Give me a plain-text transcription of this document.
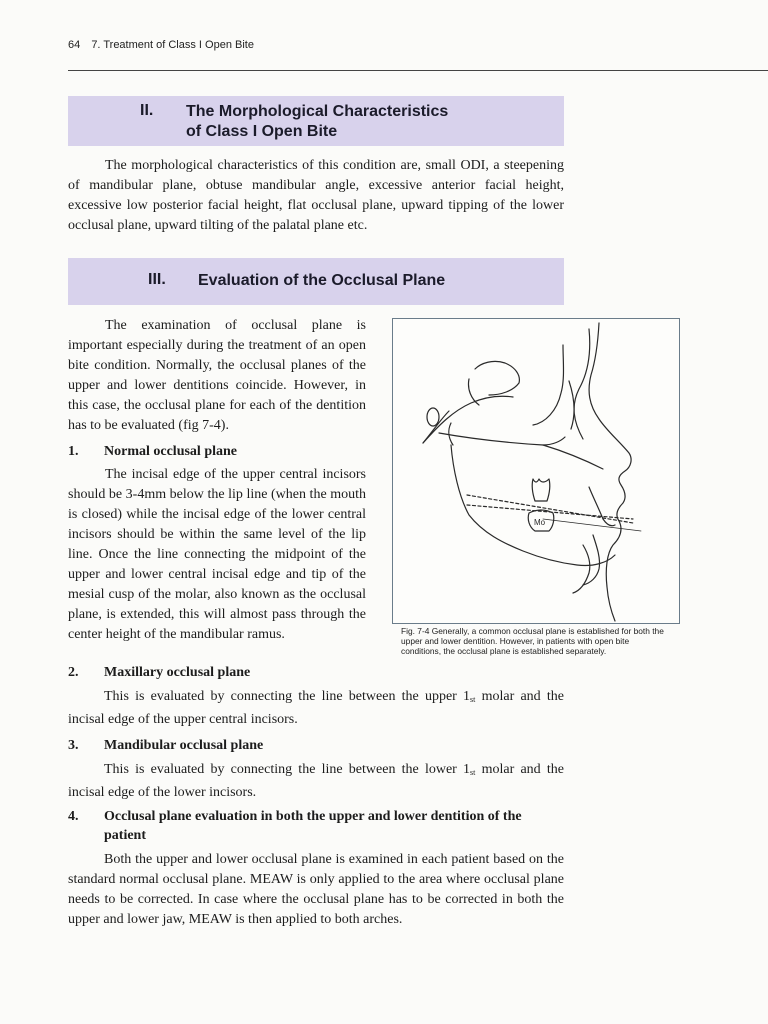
64 7. Treatment of Class I Open Bite
II. The Morphological Characteristics
of Class I Open Bite

The morphological characteristics of this condition are, small ODI, a steepening of mandibular plane, obtuse mandibular angle, excessive anterior facial height, excessive low posterior facial height, flat occlusal plane, upward tipping of the lower occlusal plane, upward tilting of the palatal plane etc.

III. Evaluation of the Occlusal Plane

The examination of occlusal plane is important especially during the treatment of an open bite condition. Normally, the occlusal planes of the upper and lower dentitions coincide. However, in this case, the occlusal plane for each of the dentition has to be evaluated (fig 7-4).

1. Normal occlusal plane

The incisal edge of the upper central incisors should be 3-4mm below the lip line (when the mouth is closed) while the incisal edge of the lower central incisors should be within the same level of the lip line. Once the line connecting the midpoint of the upper and lower central incisal edge and tip of the mesial cusp of the molar, also known as the occlusal plane, is extended, this will almost pass through the center height of the mandibular ramus.

Mo
Fig. 7-4 Generally, a common occlusal plane is established for both the upper and lower dentition. However, in patients with open bite conditions, the occlusal plane is established separately.
2. Maxillary occlusal plane

This is evaluated by connecting the line between the upper $1_{st}$ molar and the incisal edge of the upper central incisors.

3. Mandibular occlusal plane

This is evaluated by connecting the line between the lower $1_{st}$ molar and the incisal edge of the lower incisors.

4. Occlusal plane evaluation in both the upper and lower dentition of the patient

Both the upper and lower occlusal plane is examined in each patient based on the standard normal occlusal plane. MEAW is only applied to the area where occlusal plane needs to be corrected. In case where the occlusal plane has to be corrected in both the upper and lower jaw, MEAW is then applied to both arches.
